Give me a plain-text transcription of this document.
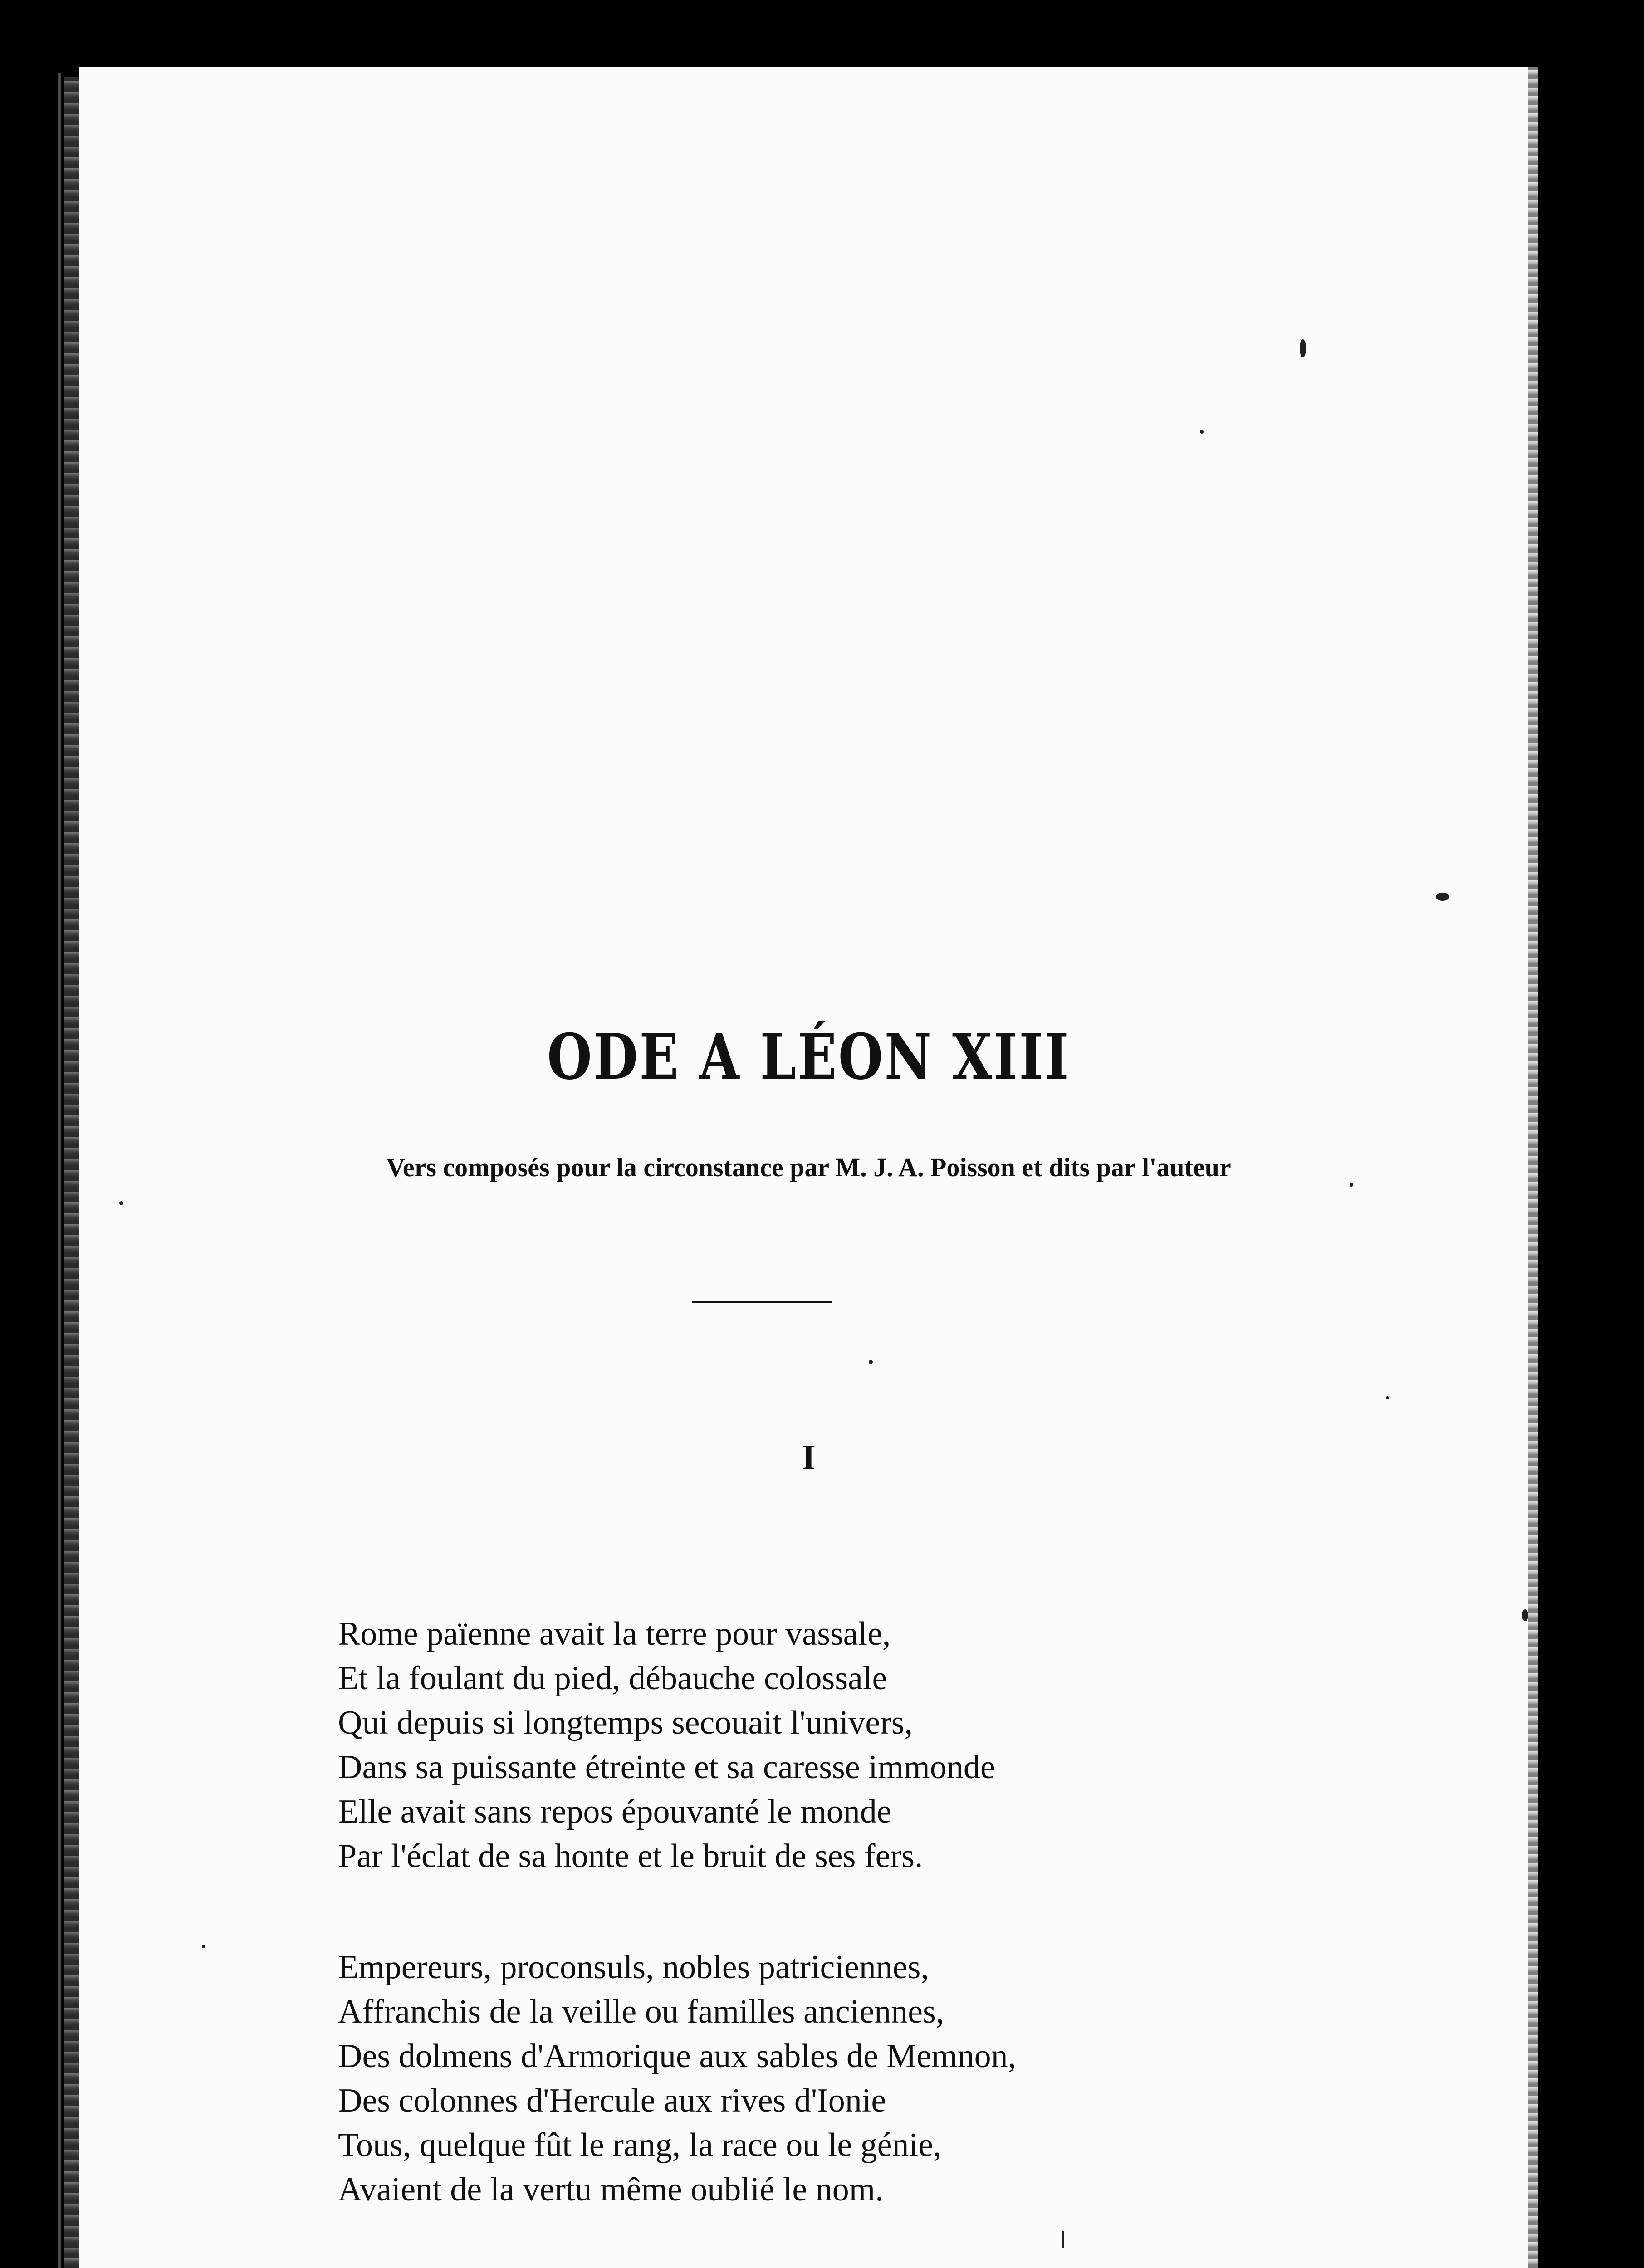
ODE A LÉON XIII
Vers composés pour la circonstance par M. J. A. Poisson et dits par l'auteur
I
Rome païenne avait la terre pour vassale,
Et la foulant du pied, débauche colossale
Qui depuis si longtemps secouait l'univers,
Dans sa puissante étreinte et sa caresse immonde
Elle avait sans repos épouvanté le monde
Par l'éclat de sa honte et le bruit de ses fers.
Empereurs, proconsuls, nobles patriciennes,
Affranchis de la veille ou familles anciennes,
Des dolmens d'Armorique aux sables de Memnon,
Des colonnes d'Hercule aux rives d'Ionie
Tous, quelque fût le rang, la race ou le génie,
Avaient de la vertu même oublié le nom.
